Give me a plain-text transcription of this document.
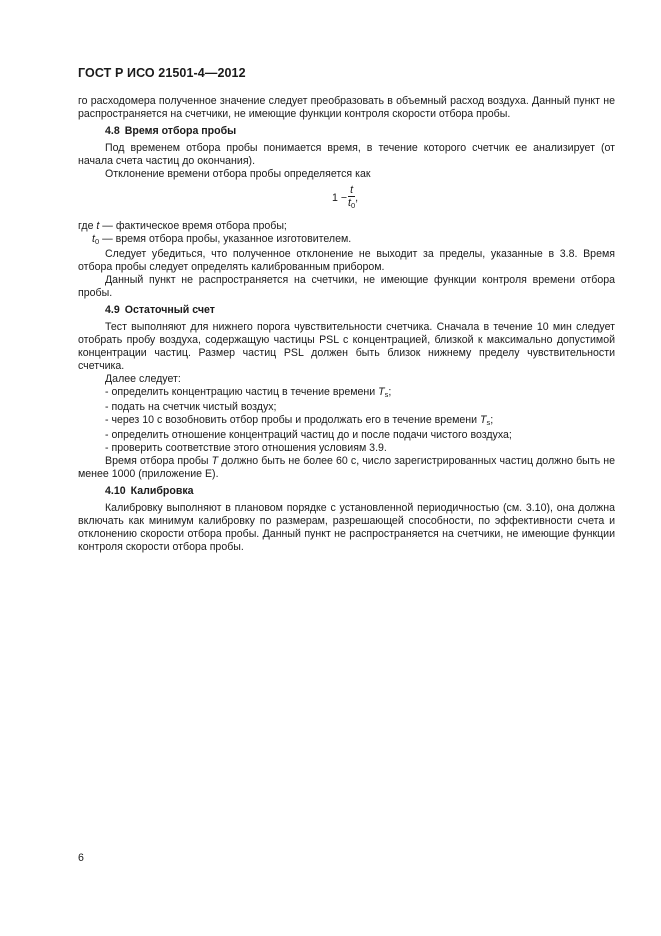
ГОСТ Р ИСО 21501-4—2012

го расходомера полученное значение следует преобразовать в объемный расход воздуха. Данный пункт не распространяется на счетчики, не имеющие функции контроля скорости отбора пробы.

4.8 Время отбора пробы

Под временем отбора пробы понимается время, в течение которого счетчик ее анализирует (от начала счета частиц до окончания).

Отклонение времени отбора пробы определяется как

$1 - \frac{t}{t_0}$ ,

где t — фактическое время отбора пробы;

$t_0$ — время отбора пробы, указанное изготовителем.

Следует убедиться, что полученное отклонение не выходит за пределы, указанные в 3.8. Время отбора пробы следует определять калиброванным прибором.

Данный пункт не распространяется на счетчики, не имеющие функции контроля времени отбора пробы.

4.9 Остаточный счет

Тест выполняют для нижнего порога чувствительности счетчика. Сначала в течение 10 мин следует отобрать пробу воздуха, содержащую частицы PSL с концентрацией, близкой к максимально допустимой концентрации частиц. Размер частиц PSL должен быть близок нижнему пределу чувствительности счетчика.

Далее следует:

- определить концентрацию частиц в течение времени $T_s$;

- подать на счетчик чистый воздух;

- через 10 с возобновить отбор пробы и продолжать его в течение времени $T_s$;

- определить отношение концентраций частиц до и после подачи чистого воздуха;

- проверить соответствие этого отношения условиям 3.9.

Время отбора пробы T должно быть не более 60 с, число зарегистрированных частиц должно быть не менее 1000 (приложение Е).

4.10 Калибровка

Калибровку выполняют в плановом порядке с установленной периодичностью (см. 3.10), она должна включать как минимум калибровку по размерам, разрешающей способности, по эффективности счета и отклонению скорости отбора пробы. Данный пункт не распространяется на счетчики, не имеющие функции контроля скорости отбора пробы.

6
